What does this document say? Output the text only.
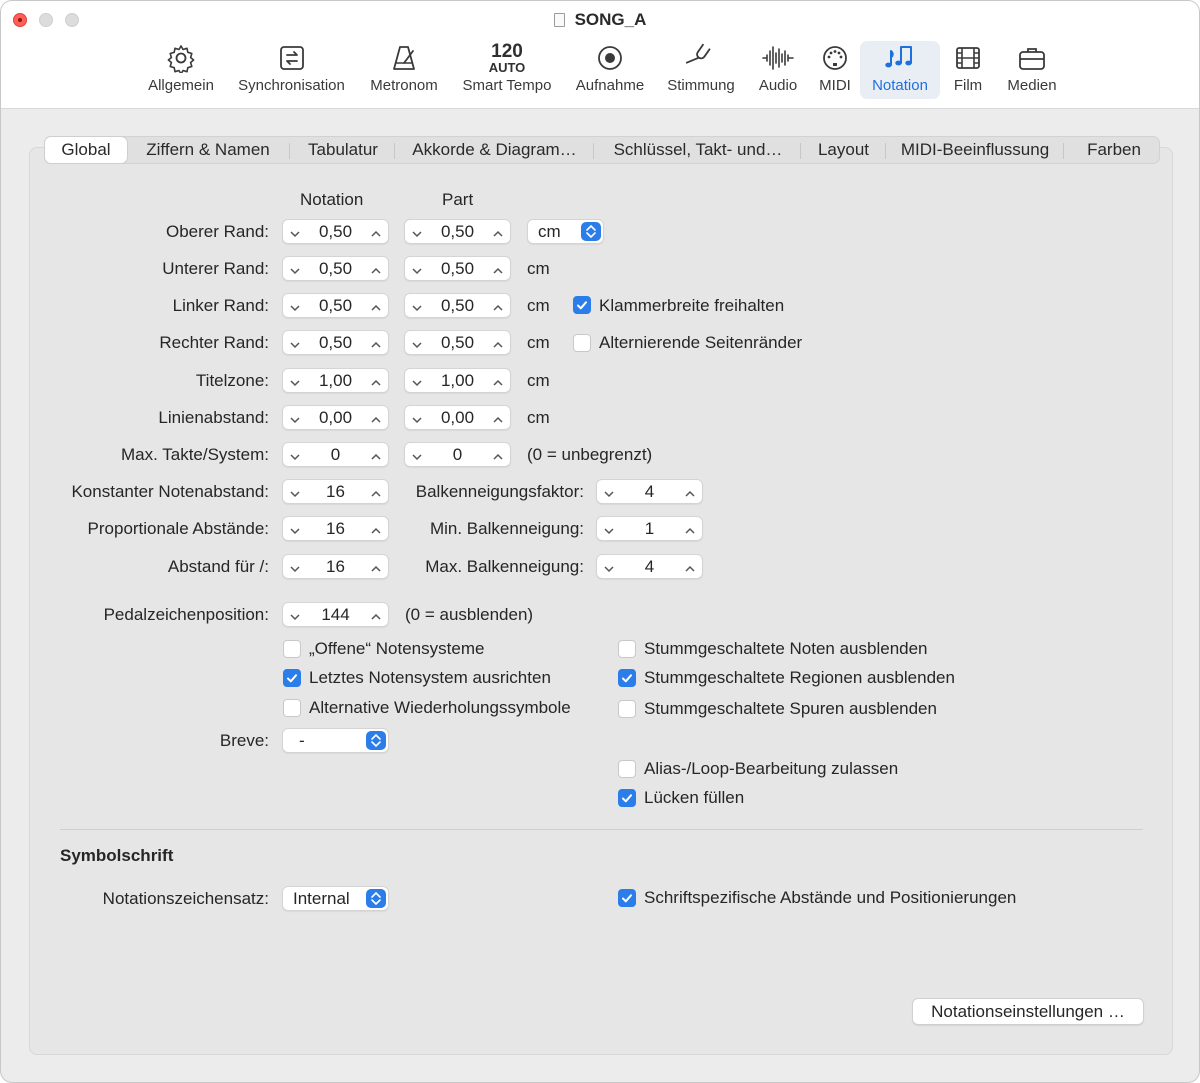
SONG_A
Allgemein	Synchronisation	Metronom
120
AUTO
Smart Tempo	Aufnahme	Stimmung	Audio	MIDI	Notation	Film	Medien
Global	Ziffern & Namen	Tabulatur	Akkorde & Diagram…	Schlüssel, Takt- und…	Layout	MIDI-Beeinflussung	Farben
Notation	Part
Oberer Rand:	0,50	0,50	cm
Unterer Rand:	0,50	0,50	cm
Linker Rand:	0,50	0,50	cm	Klammerbreite freihalten
Rechter Rand:	0,50	0,50	cm	Alternierende Seitenränder
Titelzone:	1,00	1,00	cm
Linienabstand:	0,00	0,00	cm
Max. Takte/System:	0	0	(0 = unbegrenzt)
Konstanter Notenabstand:	16	Balkenneigungsfaktor:	4
Proportionale Abstände:	16	Min. Balkenneigung:	1
Abstand für /:	16	Max. Balkenneigung:	4
Pedalzeichenposition:	144	(0 = ausblenden)
„Offene“ Notensysteme
Letztes Notensystem ausrichten
Alternative Wiederholungssymbole
Stummgeschaltete Noten ausblenden
Stummgeschaltete Regionen ausblenden
Stummgeschaltete Spuren ausblenden
Alias-/Loop-Bearbeitung zulassen
Lücken füllen
Breve: -
Symbolschrift
Notationszeichensatz: Internal	Schriftspezifische Abstände und Positionierungen
Notationseinstellungen …
